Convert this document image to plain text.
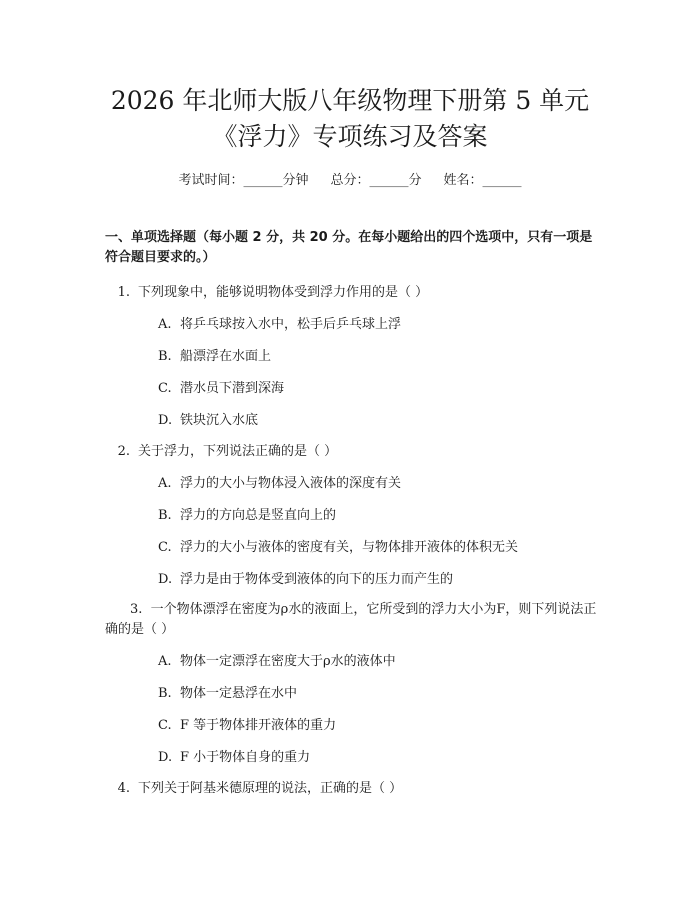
2026 年北师大版八年级物理下册第 5 单元
《浮力》专项练习及答案
考试时间：______分钟 总分：______分 姓名：______
一、单项选择题（每小题 2 分，共 20 分。在每小题给出的四个选项中，只有一项是符合题目要求的。）
1. 下列现象中，能够说明物体受到浮力作用的是（ ）
A. 将乒乓球按入水中，松手后乒乓球上浮
B. 船漂浮在水面上
C. 潜水员下潜到深海
D. 铁块沉入水底
2. 关于浮力，下列说法正确的是（ ）
A. 浮力的大小与物体浸入液体的深度有关
B. 浮力的方向总是竖直向上的
C. 浮力的大小与液体的密度有关，与物体排开液体的体积无关
D. 浮力是由于物体受到液体的向下的压力而产生的
3. 一个物体漂浮在密度为ρ水的液面上，它所受到的浮力大小为F，则下列说法正确的是（ ）
A. 物体一定漂浮在密度大于ρ水的液体中
B. 物体一定悬浮在水中
C. F 等于物体排开液体的重力
D. F 小于物体自身的重力
4. 下列关于阿基米德原理的说法，正确的是（ ）
